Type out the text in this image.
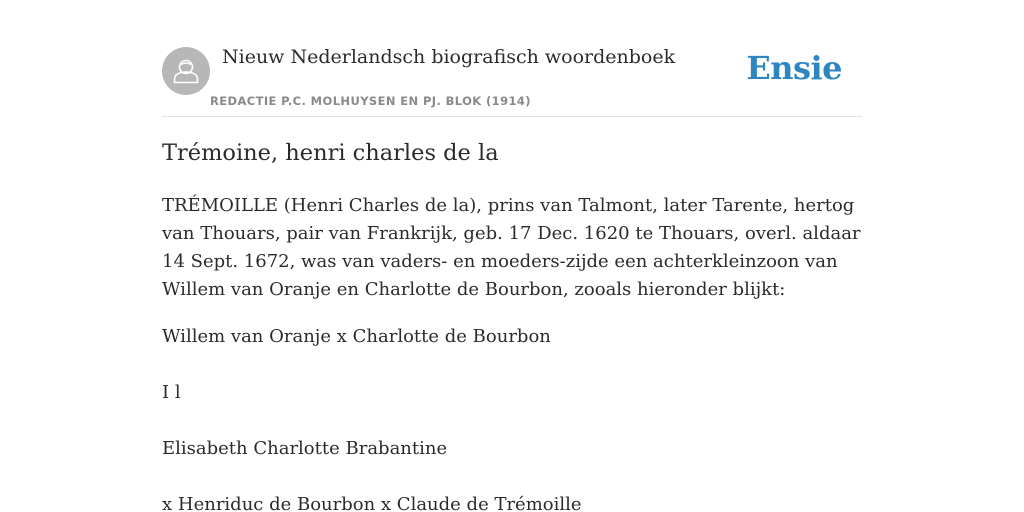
Nieuw Nederlandsch biografisch woordenboek
REDACTIE P.C. MOLHUYSEN EN PJ. BLOK (1914)
Ensie
Trémoine, henri charles de la

TRÉMOILLE (Henri Charles de la), prins van Talmont, later Tarente, hertog van Thouars, pair van Frankrijk, geb. 17 Dec. 1620 te Thouars, overl. aldaar 14 Sept. 1672, was van vaders- en moeders-zijde een achterkleinzoon van Willem van Oranje en Charlotte de Bourbon, zooals hieronder blijkt:

Willem van Oranje x Charlotte de Bourbon

I l

Elisabeth Charlotte Brabantine

x Henriduc de Bourbon x Claude de Trémoille
